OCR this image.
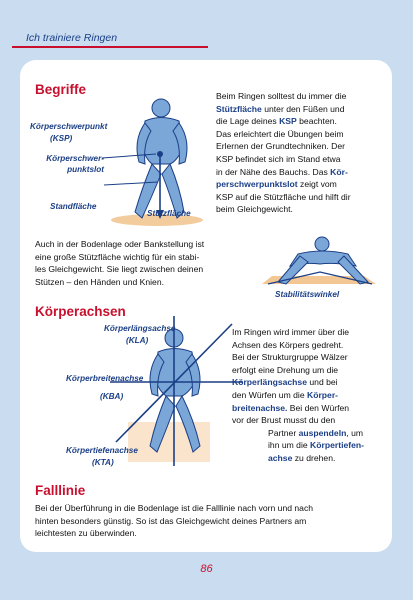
Ich trainiere Ringen
Begriffe
Körperschwerpunkt
(KSP)
Körperschwer-
punktslot
Standfläche
Stützfläche
Beim Ringen solltest du immer die
Stützfläche unter den Füßen und
die Lage deines KSP beachten.
Das erleichtert die Übungen beim
Erlernen der Grundtechniken. Der
KSP befindet sich im Stand etwa
in der Nähe des Bauchs. Das Kör-
perschwerpunktslot zeigt vom
KSP auf die Stützfläche und hilft dir
beim Gleichgewicht.
Auch in der Bodenlage oder Bankstellung ist
eine große Stützfläche wichtig für ein stabi-
les Gleichgewicht. Sie liegt zwischen deinen
Stützen – den Händen und Knien.
Stabilitätswinkel
Körperachsen
Körperlängsachse
(KLA)
Körperbreitenachse
(KBA)
Körpertiefenachse
(KTA)
Im Ringen wird immer über die
Achsen des Körpers gedreht.
Bei der Strukturgruppe Wälzer
erfolgt eine Drehung um die
Körperlängsachse und bei
den Würfen um die Körper-
breitenachse. Bei den Würfen
vor der Brust musst du den
Partner auspendeln, um
ihn um die Körpertiefen-
achse zu drehen.
Falllinie
Bei der Überführung in die Bodenlage ist die Falllinie nach vorn und nach
hinten besonders günstig. So ist das Gleichgewicht deines Partners am
leichtesten zu überwinden.
86
